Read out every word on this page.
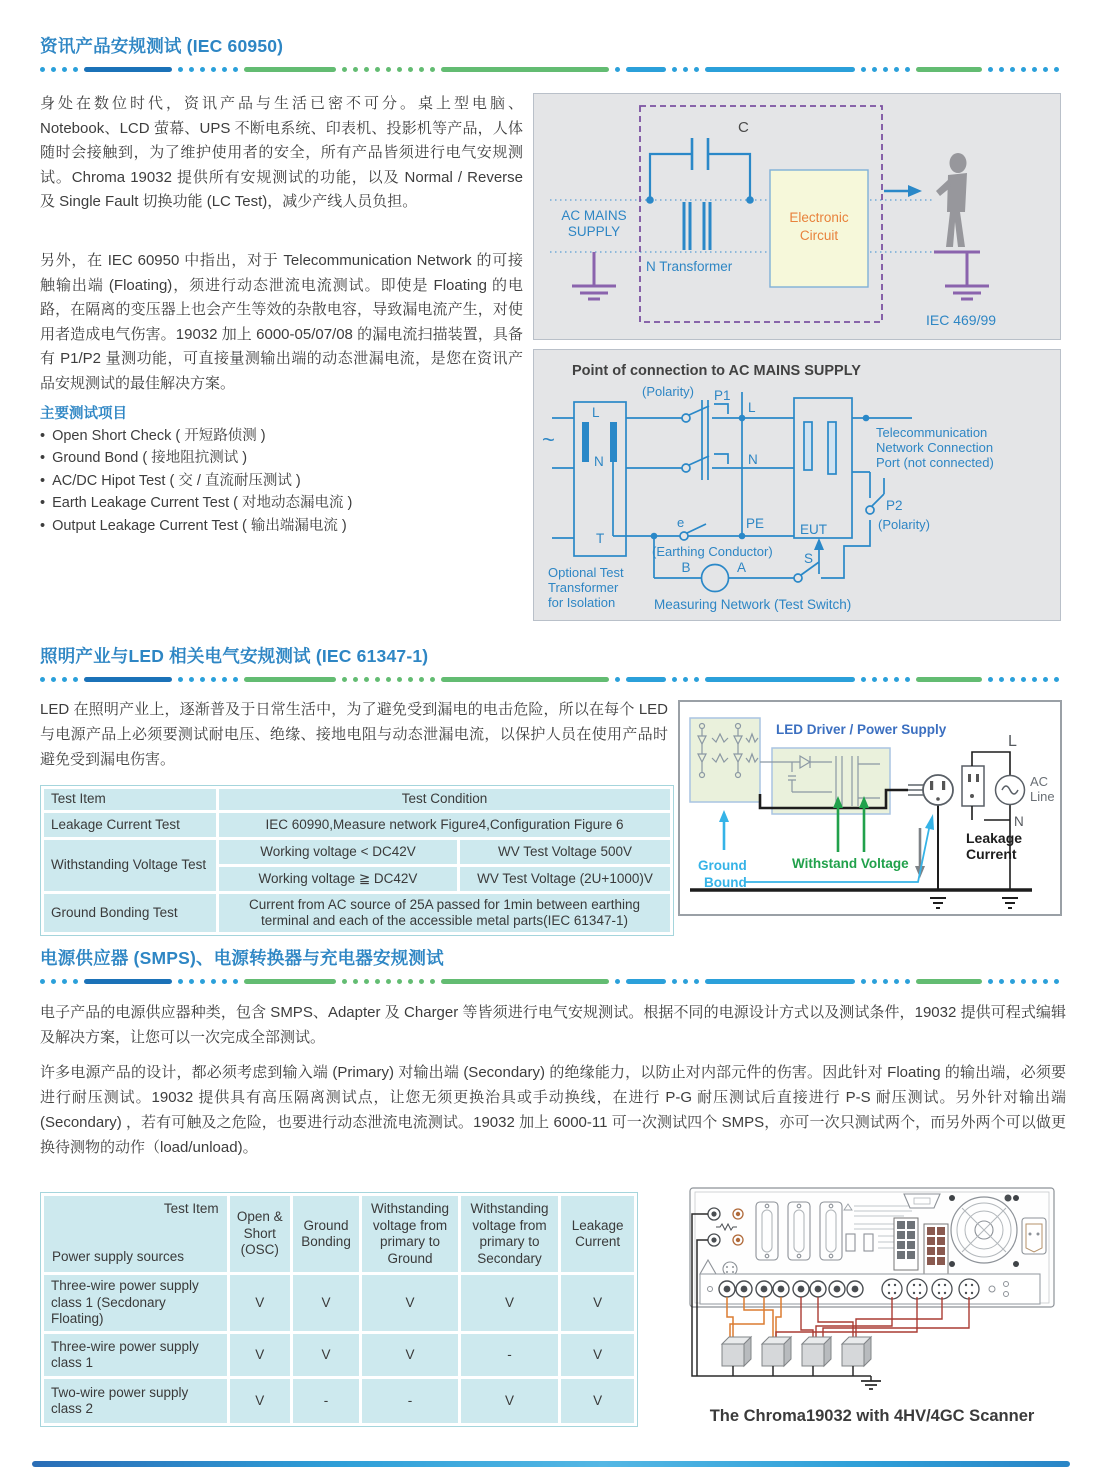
资讯产品安规测试 (IEC 60950)

身处在数位时代，资讯产品与生活已密不可分。桌上型电脑、Notebook、LCD 萤幕、UPS 不断电系统、印表机、投影机等产品，人体随时会接触到，为了维护使用者的安全，所有产品皆须进行电气安规测试。Chroma 19032 提供所有安规测试的功能，以及 Normal / Reverse 及 Single Fault 切换功能 (LC Test)，减少产线人员负担。

另外，在 IEC 60950 中指出，对于 Telecommunication Network 的可接触输出端 (Floating)，须进行动态泄流电流测试。即使是 Floating 的电路，在隔离的变压器上也会产生等效的杂散电容，导致漏电流产生，对使用者造成电气伤害。19032 加上 6000-05/07/08 的漏电流扫描装置，具备有 P1/P2 量测功能，可直接量测输出端的动态泄漏电流，是您在资讯产品安规测试的最佳解决方案。

主要测试项目
• Open Short Check ( 开短路侦测 )
• Ground Bond ( 接地阻抗测试 )
• AC/DC Hipot Test ( 交 / 直流耐压测试 )
• Earth Leakage Current Test ( 对地动态漏电流 )
• Output Leakage Current Test ( 输出端漏电流 )
C
AC MAINS
SUPPLY
N Transformer
Electronic
Circuit
IEC 469/99
Point of connection to AC MAINS SUPPLY
(Polarity)
~
L
N
T
P1
L
N
PE
e
(Earthing Conductor)
EUT
Telecommunication
Network Connection
Port (not connected)
P2
(Polarity)
B	A
S
Optional Test
Transformer
for Isolation	Measuring Network (Test Switch)
照明产业与LED 相关电气安规测试 (IEC 61347-1)

LED 在照明产业上，逐渐普及于日常生活中，为了避免受到漏电的电击危险，所以在每个 LED 与电源产品上必须要测试耐电压、绝缘、接地电阻与动态泄漏电流，以保护人员在使用产品时避免受到漏电伤害。

Test Item	Test Condition	
Leakage Current Test	IEC 60990,Measure network Figure4,Configuration Figure 6	
Withstanding Voltage Test	Working voltage < DC42V	WV Test Voltage 500V
	Working voltage ≧ DC42V	WV Test Voltage (2U+1000)V
Ground Bonding Test	Current from AC source of 25A passed for 1min between earthing terminal and each of the accessible metal parts(IEC 61347-1)	
LED Driver / Power Supply
L
AC
Line
N
Leakage
Current
Ground
Bound
Withstand Voltage
电源供应器 (SMPS)、电源转换器与充电器安规测试

电子产品的电源供应器种类，包含 SMPS、Adapter 及 Charger 等皆须进行电气安规测试。根据不同的电源设计方式以及测试条件，19032 提供可程式编辑及解决方案，让您可以一次完成全部测试。

许多电源产品的设计，都必须考虑到输入端 (Primary) 对输出端 (Secondary) 的绝缘能力，以防止对内部元件的伤害。因此针对 Floating 的输出端，必须要进行耐压测试。19032 提供具有高压隔离测试点，让您无须更换治具或手动换线，在进行 P-G 耐压测试后直接进行 P-S 耐压测试。另外针对输出端 (Secondary) ，若有可触及之危险，也要进行动态泄流电流测试。19032 加上 6000-11 可一次测试四个 SMPS，亦可一次只测试两个，而另外两个可以做更换待测物的动作（load/unload)。

Test Item
Power supply sources	Open & Short (OSC)	Ground Bonding	Withstanding voltage from primary to Ground	Withstanding voltage from primary to Secondary	Leakage Current
Three-wire power supply class 1 (Secdonary Floating)	V	V	V	V	V
Three-wire power supply class 1	V	V	V	-	V
Two-wire power supply class 2	V	-	-	V	V
The Chroma19032 with 4HV/4GC Scanner
